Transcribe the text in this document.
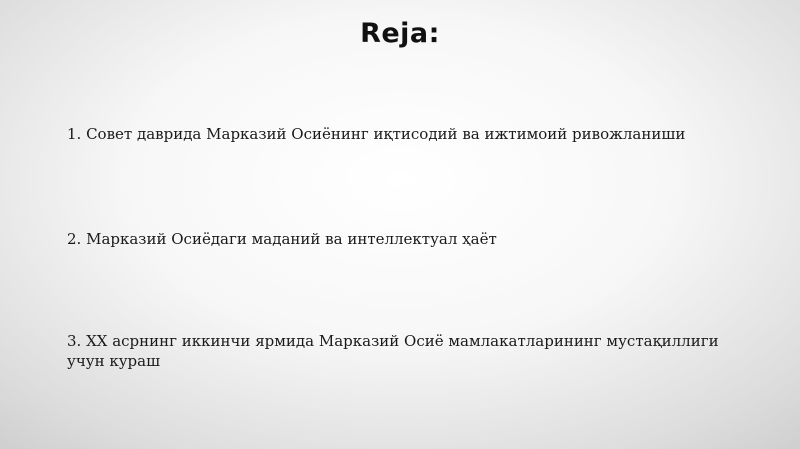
Reja:
1. Совет даврида Марказий Осиёнинг иқтисодий ва ижтимоий ривожланиши
2. Марказий Осиёдаги маданий ва интеллектуал ҳаёт
3. XX асрнинг иккинчи ярмида Марказий Осиё мамлакатларининг мустақиллиги учун кураш
